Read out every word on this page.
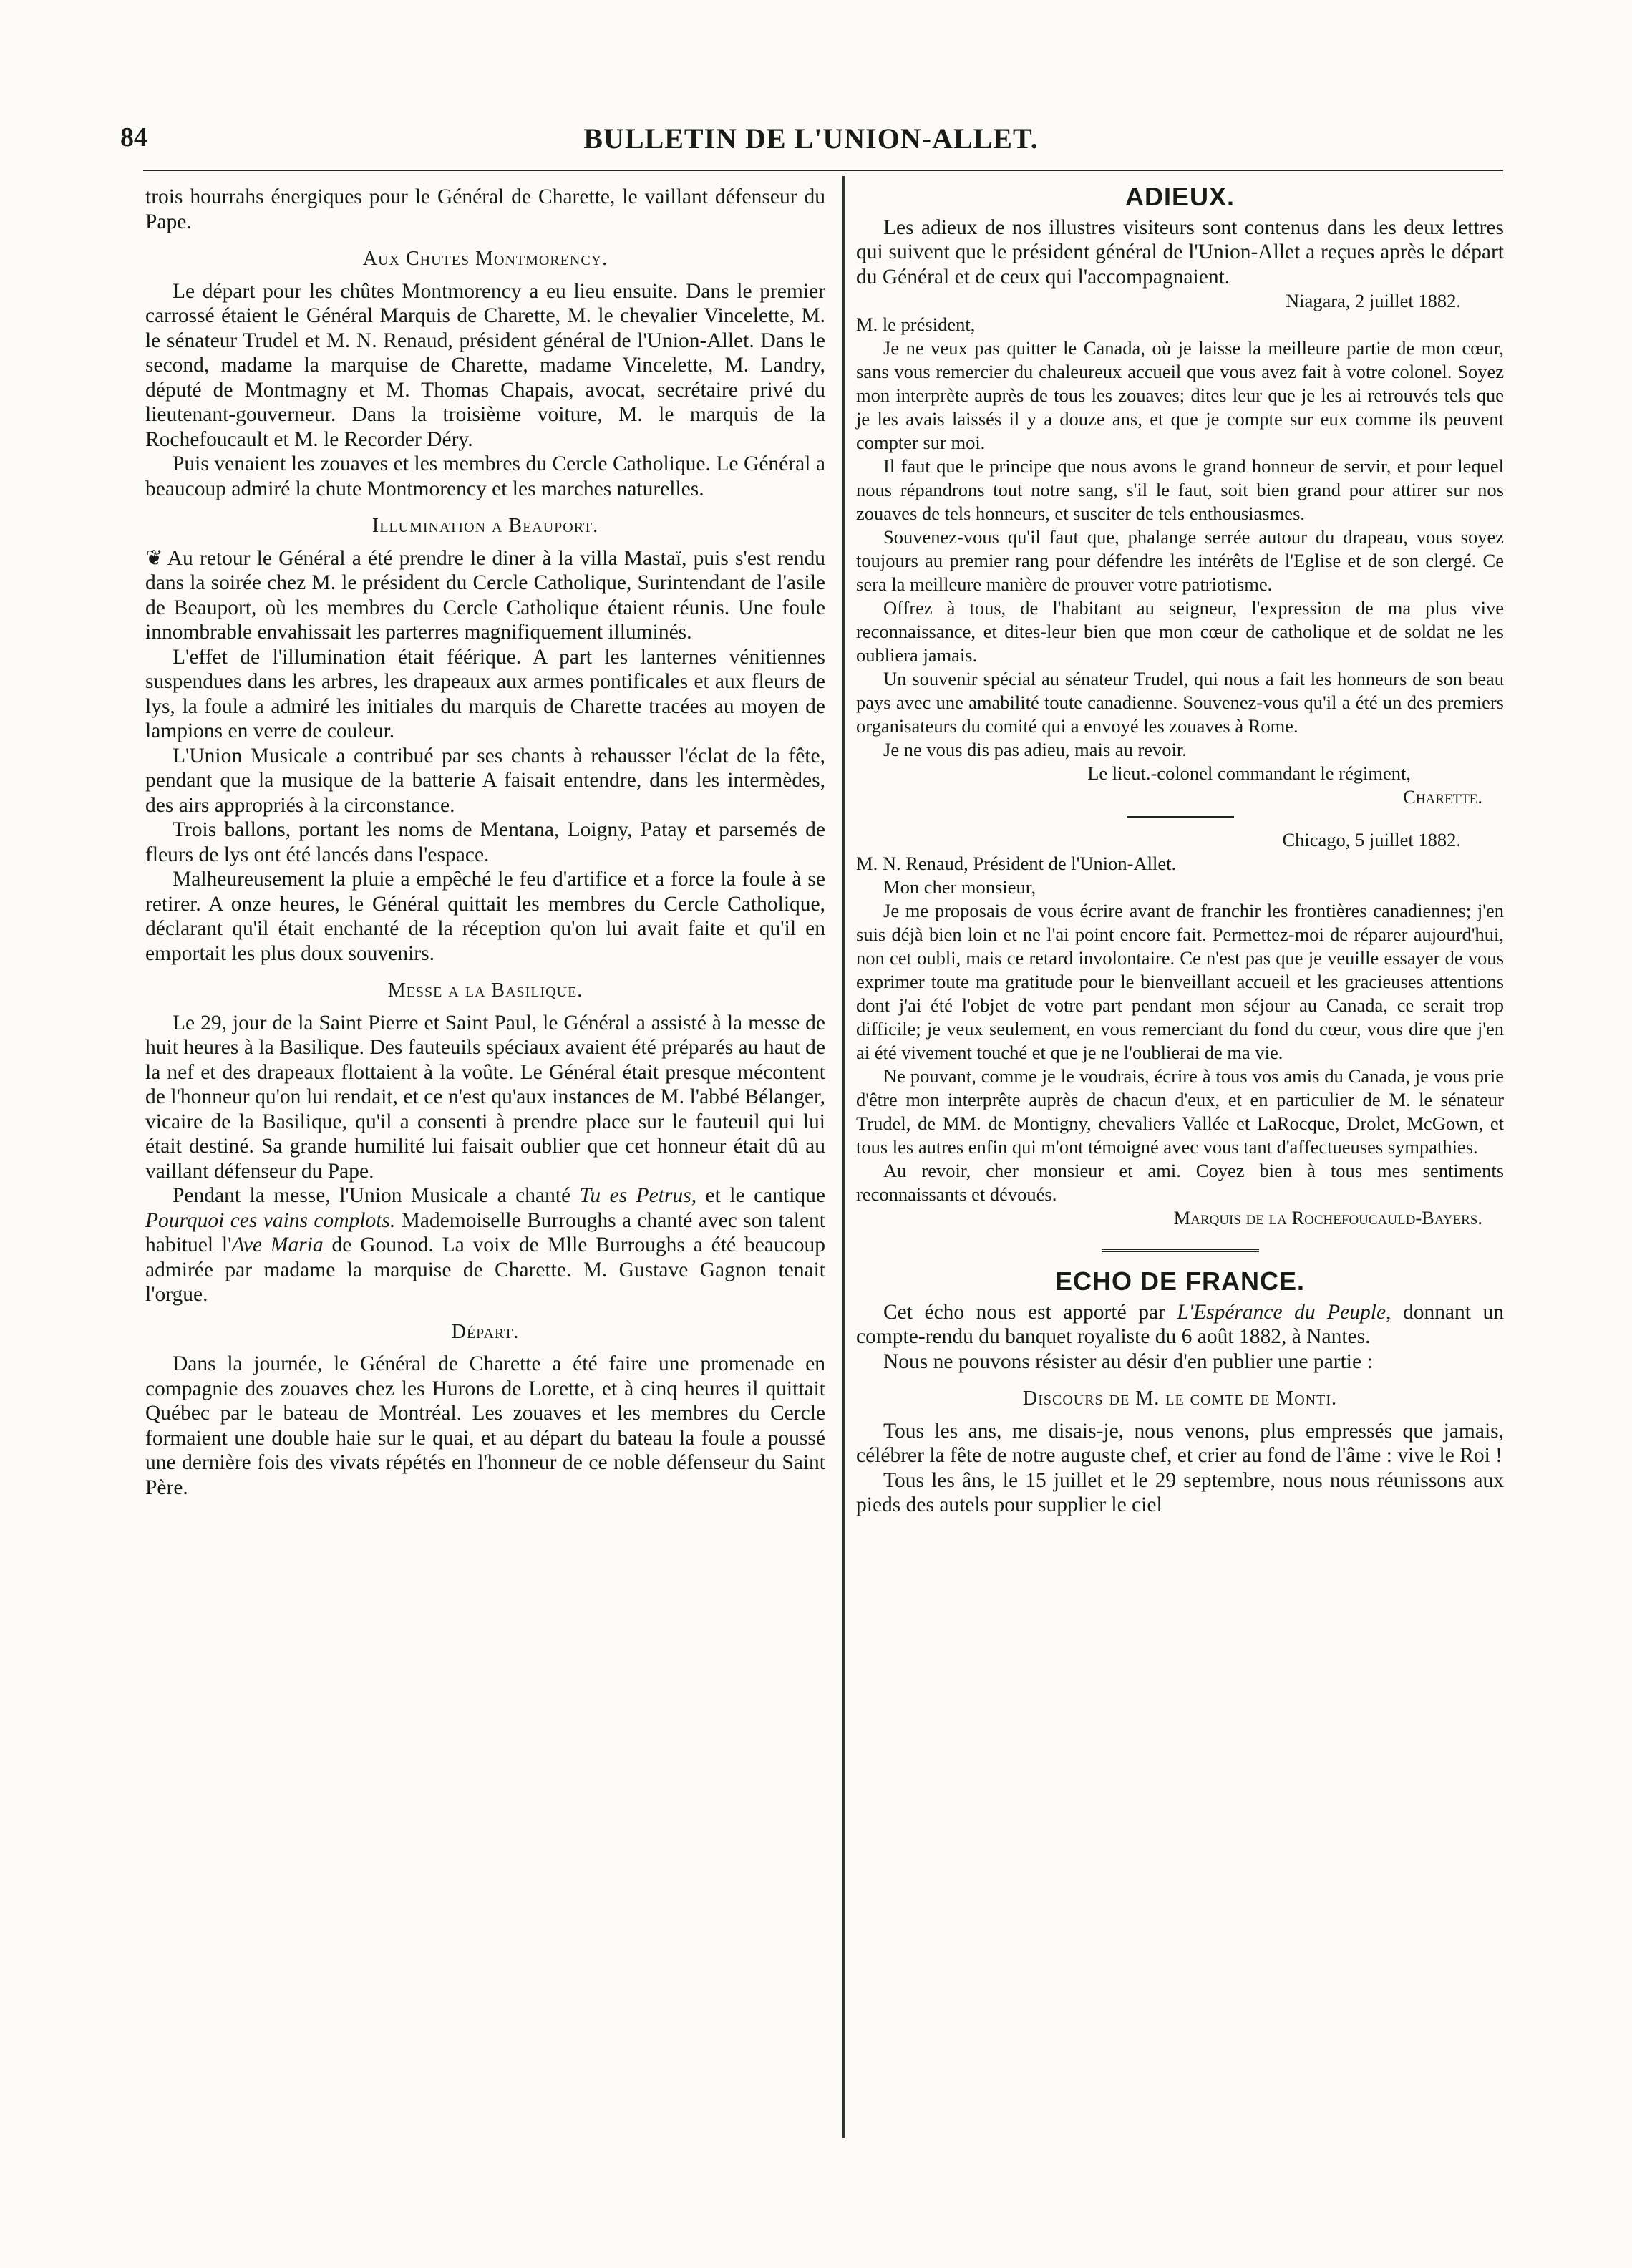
84	BULLETIN DE L'UNION-ALLET.

trois hourrahs énergiques pour le Général de Charette, le vaillant défenseur du Pape.

Aux Chutes Montmorency.

Le départ pour les chûtes Montmorency a eu lieu ensuite. Dans le premier carrossé étaient le Général Marquis de Charette, M. le chevalier Vincelette, M. le sénateur Trudel et M. N. Renaud, président général de l'Union-Allet. Dans le second, madame la marquise de Charette, madame Vincelette, M. Landry, député de Montmagny et M. Thomas Chapais, avocat, secrétaire privé du lieutenant-gouverneur. Dans la troisième voiture, M. le marquis de la Rochefoucault et M. le Recorder Déry.

Puis venaient les zouaves et les membres du Cercle Catholique. Le Général a beaucoup admiré la chute Montmorency et les marches naturelles.

Illumination a Beauport.

❦ Au retour le Général a été prendre le diner à la villa Mastaï, puis s'est rendu dans la soirée chez M. le président du Cercle Catholique, Surintendant de l'asile de Beauport, où les membres du Cercle Catholique étaient réunis. Une foule innombrable envahissait les parterres magnifiquement illuminés.

L'effet de l'illumination était féérique. A part les lanternes vénitiennes suspendues dans les arbres, les drapeaux aux armes pontificales et aux fleurs de lys, la foule a admiré les initiales du marquis de Charette tracées au moyen de lampions en verre de couleur.

L'Union Musicale a contribué par ses chants à rehausser l'éclat de la fête, pendant que la musique de la batterie A faisait entendre, dans les intermèdes, des airs appropriés à la circonstance.

Trois ballons, portant les noms de Mentana, Loigny, Patay et parsemés de fleurs de lys ont été lancés dans l'espace.

Malheureusement la pluie a empêché le feu d'artifice et a force la foule à se retirer. A onze heures, le Général quittait les membres du Cercle Catholique, déclarant qu'il était enchanté de la réception qu'on lui avait faite et qu'il en emportait les plus doux souvenirs.

Messe a la Basilique.

Le 29, jour de la Saint Pierre et Saint Paul, le Général a assisté à la messe de huit heures à la Basilique. Des fauteuils spéciaux avaient été préparés au haut de la nef et des drapeaux flottaient à la voûte. Le Général était presque mécontent de l'honneur qu'on lui rendait, et ce n'est qu'aux instances de M. l'abbé Bélanger, vicaire de la Basilique, qu'il a consenti à prendre place sur le fauteuil qui lui était destiné. Sa grande humilité lui faisait oublier que cet honneur était dû au vaillant défenseur du Pape.

Pendant la messe, l'Union Musicale a chanté Tu es Petrus, et le cantique Pourquoi ces vains complots. Mademoiselle Burroughs a chanté avec son talent habituel l'Ave Maria de Gounod. La voix de Mlle Burroughs a été beaucoup admirée par madame la marquise de Charette. M. Gustave Gagnon tenait l'orgue.

Départ.

Dans la journée, le Général de Charette a été faire une promenade en compagnie des zouaves chez les Hurons de Lorette, et à cinq heures il quittait Québec par le bateau de Montréal. Les zouaves et les membres du Cercle formaient une double haie sur le quai, et au départ du bateau la foule a poussé une dernière fois des vivats répétés en l'honneur de ce noble défenseur du Saint Père.

ADIEUX.

Les adieux de nos illustres visiteurs sont contenus dans les deux lettres qui suivent que le président général de l'Union-Allet a reçues après le départ du Général et de ceux qui l'accompagnaient.

Niagara, 2 juillet 1882.

M. le président,

Je ne veux pas quitter le Canada, où je laisse la meilleure partie de mon cœur, sans vous remercier du chaleureux accueil que vous avez fait à votre colonel. Soyez mon interprète auprès de tous les zouaves; dites leur que je les ai retrouvés tels que je les avais laissés il y a douze ans, et que je compte sur eux comme ils peuvent compter sur moi.

Il faut que le principe que nous avons le grand honneur de servir, et pour lequel nous répandrons tout notre sang, s'il le faut, soit bien grand pour attirer sur nos zouaves de tels honneurs, et susciter de tels enthousiasmes.

Souvenez-vous qu'il faut que, phalange serrée autour du drapeau, vous soyez toujours au premier rang pour défendre les intérêts de l'Eglise et de son clergé. Ce sera la meilleure manière de prouver votre patriotisme.

Offrez à tous, de l'habitant au seigneur, l'expression de ma plus vive reconnaissance, et dites-leur bien que mon cœur de catholique et de soldat ne les oubliera jamais.

Un souvenir spécial au sénateur Trudel, qui nous a fait les honneurs de son beau pays avec une amabilité toute canadienne. Souvenez-vous qu'il a été un des premiers organisateurs du comité qui a envoyé les zouaves à Rome.

Je ne vous dis pas adieu, mais au revoir.

Le lieut.-colonel commandant le régiment,
Charette.
Chicago, 5 juillet 1882.

M. N. Renaud, Président de l'Union-Allet.

Mon cher monsieur,

Je me proposais de vous écrire avant de franchir les frontières canadiennes; j'en suis déjà bien loin et ne l'ai point encore fait. Permettez-moi de réparer aujourd'hui, non cet oubli, mais ce retard involontaire. Ce n'est pas que je veuille essayer de vous exprimer toute ma gratitude pour le bienveillant accueil et les gracieuses attentions dont j'ai été l'objet de votre part pendant mon séjour au Canada, ce serait trop difficile; je veux seulement, en vous remerciant du fond du cœur, vous dire que j'en ai été vivement touché et que je ne l'oublierai de ma vie.

Ne pouvant, comme je le voudrais, écrire à tous vos amis du Canada, je vous prie d'être mon interprête auprès de chacun d'eux, et en particulier de M. le sénateur Trudel, de MM. de Montigny, chevaliers Vallée et LaRocque, Drolet, McGown, et tous les autres enfin qui m'ont témoigné avec vous tant d'affectueuses sympathies.

Au revoir, cher monsieur et ami. Coyez bien à tous mes sentiments reconnaissants et dévoués.

Marquis de la Rochefoucauld-Bayers.
ECHO DE FRANCE.

Cet écho nous est apporté par L'Espérance du Peuple, donnant un compte-rendu du banquet royaliste du 6 août 1882, à Nantes.

Nous ne pouvons résister au désir d'en publier une partie :

Discours de M. le comte de Monti.

Tous les ans, me disais-je, nous venons, plus empressés que jamais, célébrer la fête de notre auguste chef, et crier au fond de l'âme : vive le Roi !

Tous les âns, le 15 juillet et le 29 septembre, nous nous réunissons aux pieds des autels pour supplier le ciel
